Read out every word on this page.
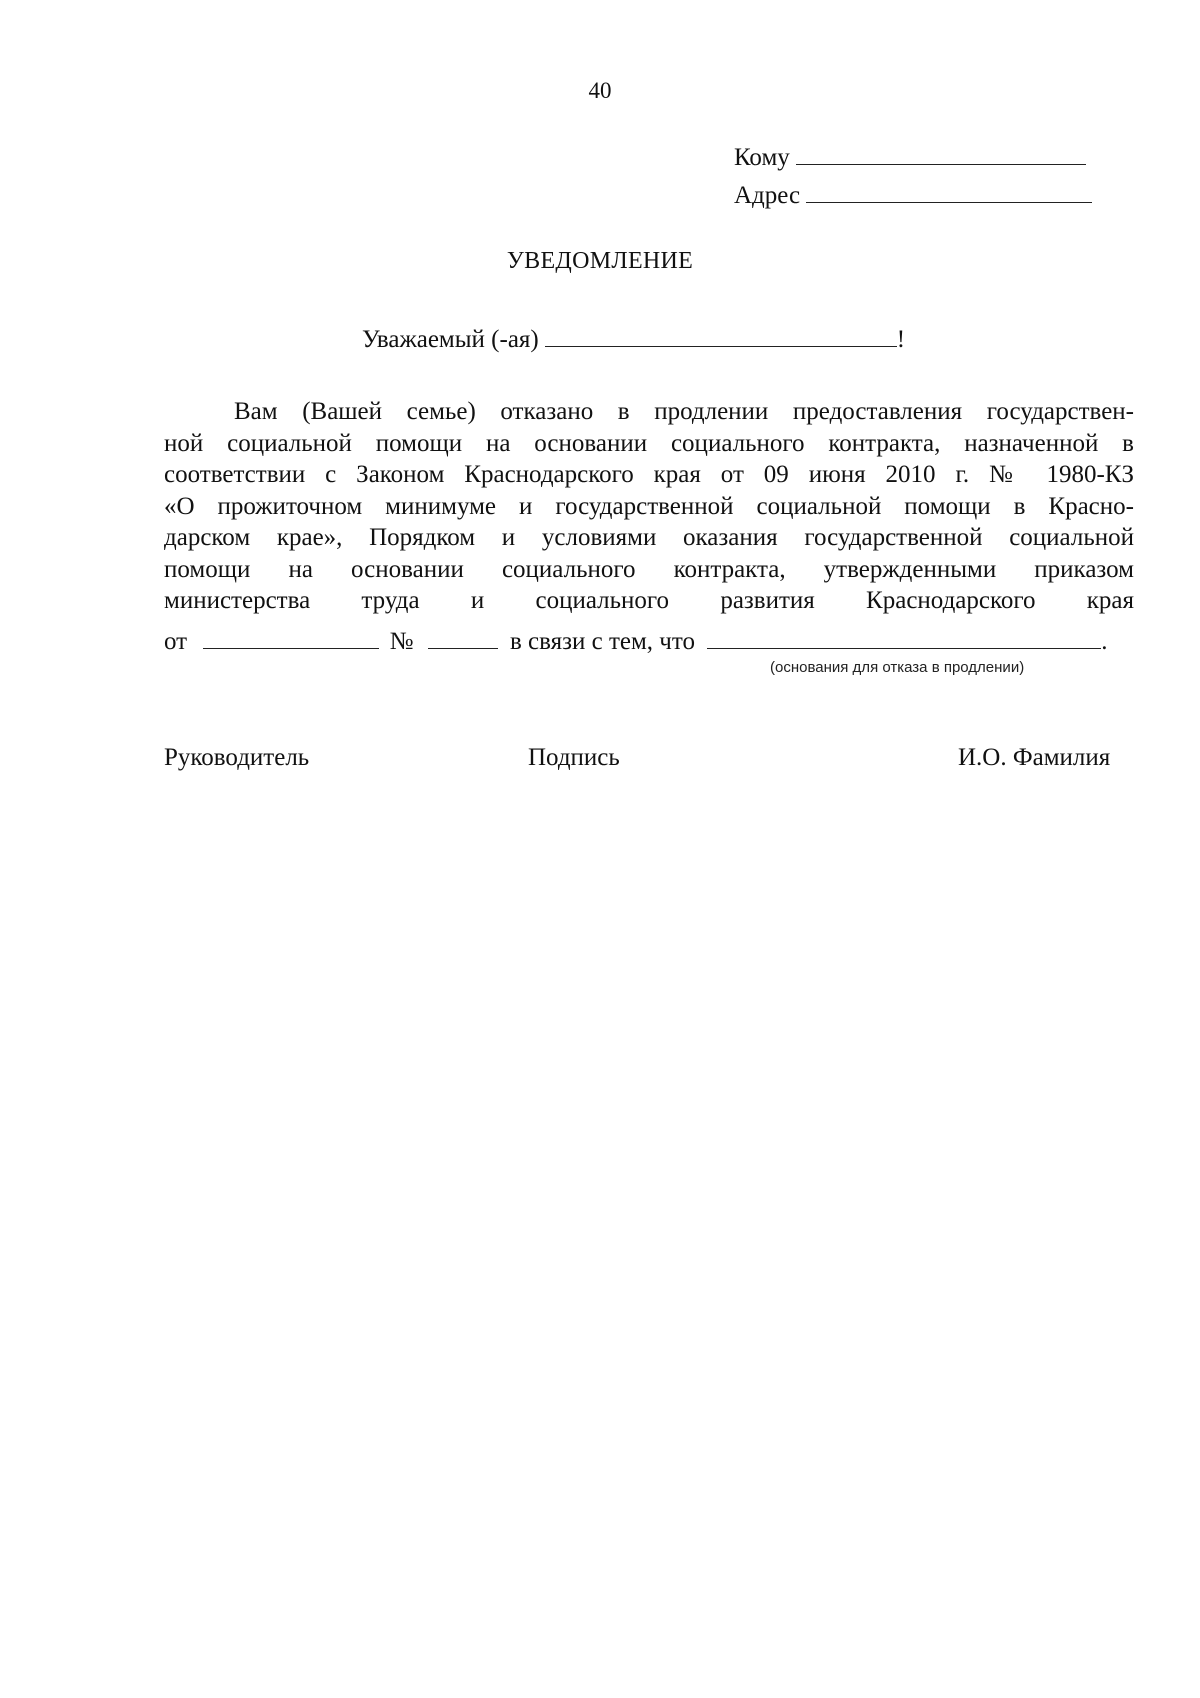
40
Кому
Адрес
УВЕДОМЛЕНИЕ
Уважаемый (-ая)	!
Вам (Вашей семье) отказано в продлении предоставления государствен-
ной социальной помощи на основании социального контракта, назначенной в
соответствии с Законом Краснодарского края от 09 июня 2010 г. № 1980-КЗ
«О прожиточном минимуме и государственной социальной помощи в Красно-
дарском крае», Порядком и условиями оказания государственной социальной
помощи на основании социального контракта, утвержденными приказом
министерства труда и социального развития Краснодарского края
от	№	в связи с тем, что	.
(основания для отказа в продлении)
Руководитель	Подпись	И.О. Фамилия
